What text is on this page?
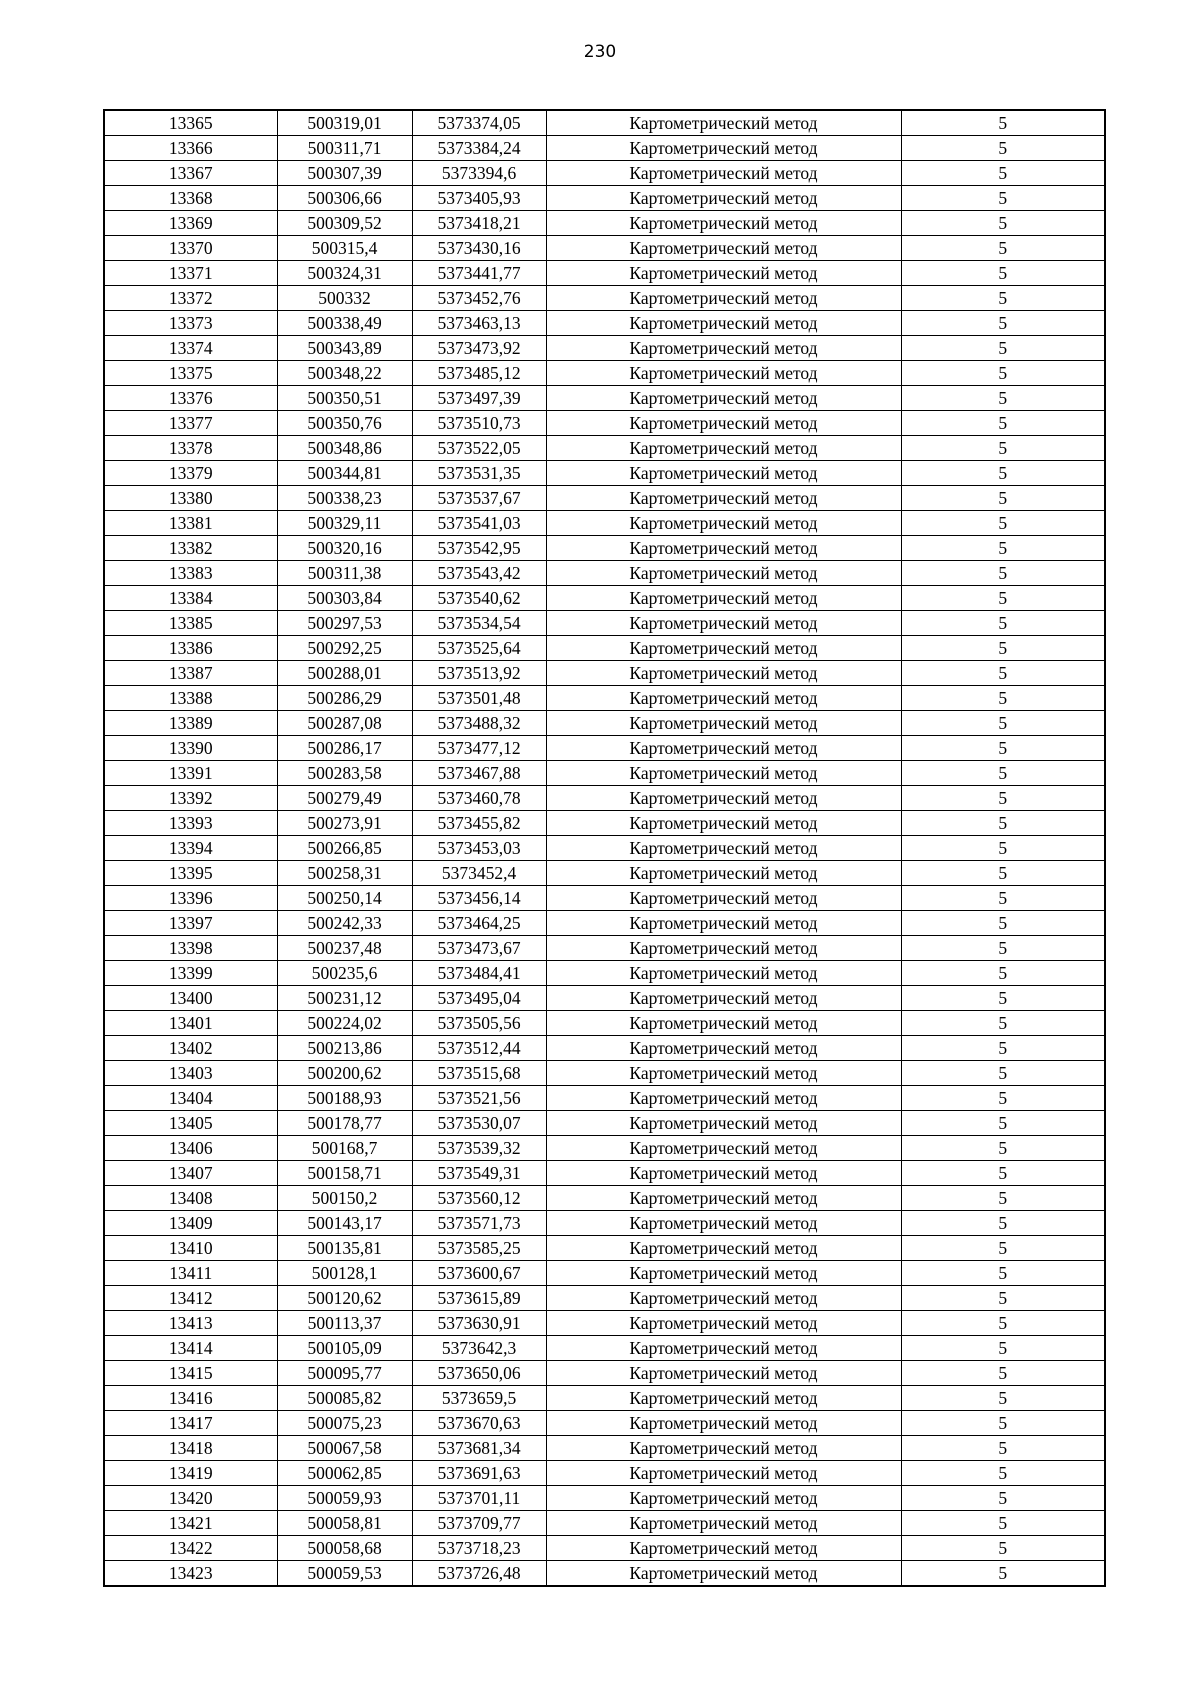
230
13365	500319,01	5373374,05	Картометрический метод	5
13366	500311,71	5373384,24	Картометрический метод	5
13367	500307,39	5373394,6	Картометрический метод	5
13368	500306,66	5373405,93	Картометрический метод	5
13369	500309,52	5373418,21	Картометрический метод	5
13370	500315,4	5373430,16	Картометрический метод	5
13371	500324,31	5373441,77	Картометрический метод	5
13372	500332	5373452,76	Картометрический метод	5
13373	500338,49	5373463,13	Картометрический метод	5
13374	500343,89	5373473,92	Картометрический метод	5
13375	500348,22	5373485,12	Картометрический метод	5
13376	500350,51	5373497,39	Картометрический метод	5
13377	500350,76	5373510,73	Картометрический метод	5
13378	500348,86	5373522,05	Картометрический метод	5
13379	500344,81	5373531,35	Картометрический метод	5
13380	500338,23	5373537,67	Картометрический метод	5
13381	500329,11	5373541,03	Картометрический метод	5
13382	500320,16	5373542,95	Картометрический метод	5
13383	500311,38	5373543,42	Картометрический метод	5
13384	500303,84	5373540,62	Картометрический метод	5
13385	500297,53	5373534,54	Картометрический метод	5
13386	500292,25	5373525,64	Картометрический метод	5
13387	500288,01	5373513,92	Картометрический метод	5
13388	500286,29	5373501,48	Картометрический метод	5
13389	500287,08	5373488,32	Картометрический метод	5
13390	500286,17	5373477,12	Картометрический метод	5
13391	500283,58	5373467,88	Картометрический метод	5
13392	500279,49	5373460,78	Картометрический метод	5
13393	500273,91	5373455,82	Картометрический метод	5
13394	500266,85	5373453,03	Картометрический метод	5
13395	500258,31	5373452,4	Картометрический метод	5
13396	500250,14	5373456,14	Картометрический метод	5
13397	500242,33	5373464,25	Картометрический метод	5
13398	500237,48	5373473,67	Картометрический метод	5
13399	500235,6	5373484,41	Картометрический метод	5
13400	500231,12	5373495,04	Картометрический метод	5
13401	500224,02	5373505,56	Картометрический метод	5
13402	500213,86	5373512,44	Картометрический метод	5
13403	500200,62	5373515,68	Картометрический метод	5
13404	500188,93	5373521,56	Картометрический метод	5
13405	500178,77	5373530,07	Картометрический метод	5
13406	500168,7	5373539,32	Картометрический метод	5
13407	500158,71	5373549,31	Картометрический метод	5
13408	500150,2	5373560,12	Картометрический метод	5
13409	500143,17	5373571,73	Картометрический метод	5
13410	500135,81	5373585,25	Картометрический метод	5
13411	500128,1	5373600,67	Картометрический метод	5
13412	500120,62	5373615,89	Картометрический метод	5
13413	500113,37	5373630,91	Картометрический метод	5
13414	500105,09	5373642,3	Картометрический метод	5
13415	500095,77	5373650,06	Картометрический метод	5
13416	500085,82	5373659,5	Картометрический метод	5
13417	500075,23	5373670,63	Картометрический метод	5
13418	500067,58	5373681,34	Картометрический метод	5
13419	500062,85	5373691,63	Картометрический метод	5
13420	500059,93	5373701,11	Картометрический метод	5
13421	500058,81	5373709,77	Картометрический метод	5
13422	500058,68	5373718,23	Картометрический метод	5
13423	500059,53	5373726,48	Картометрический метод	5
